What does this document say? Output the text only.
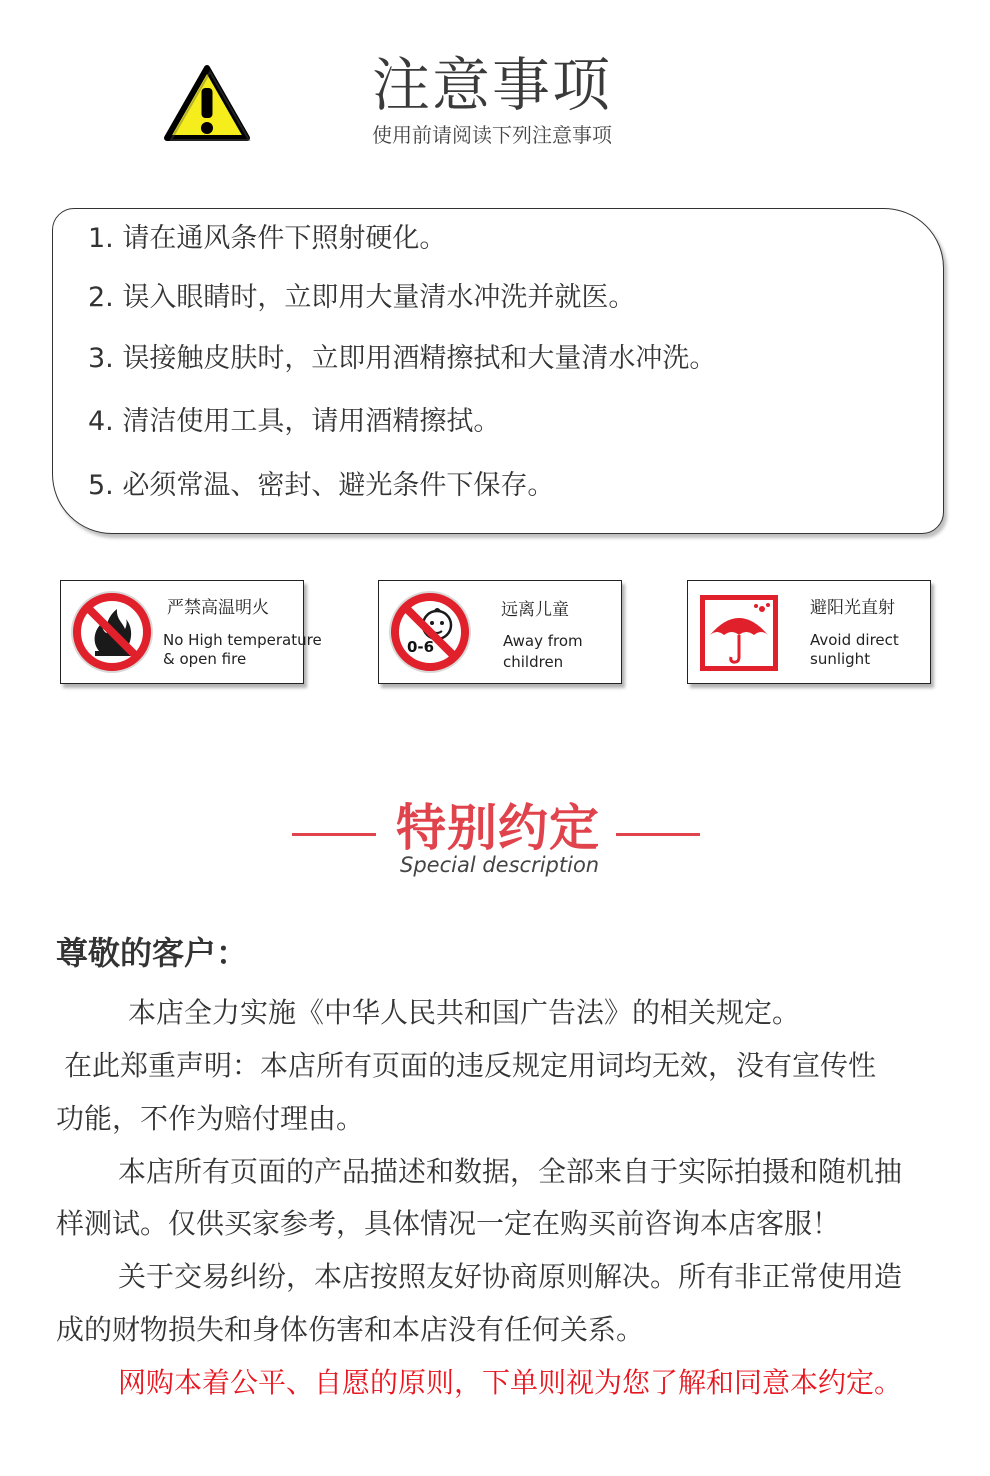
注意事项
使用前请阅读下列注意事项
1. 请在通风条件下照射硬化。
2. 误入眼睛时，立即用大量清水冲洗并就医。
3. 误接触皮肤时，立即用酒精擦拭和大量清水冲洗。
4. 清洁使用工具，请用酒精擦拭。
5. 必须常温、密封、避光条件下保存。
严禁高温明火
No High temperature
& open fire
0-6
远离儿童
Away from
children
避阳光直射
Avoid direct
sunlight
特别约定
Special description
尊敬的客户：
本店全力实施《中华人民共和国广告法》的相关规定。
在此郑重声明：本店所有页面的违反规定用词均无效，没有宣传性
功能，不作为赔付理由。
本店所有页面的产品描述和数据，全部来自于实际拍摄和随机抽
样测试。仅供买家参考，具体情况一定在购买前咨询本店客服！
关于交易纠纷，本店按照友好协商原则解决。所有非正常使用造
成的财物损失和身体伤害和本店没有任何关系。
网购本着公平、自愿的原则，下单则视为您了解和同意本约定。
